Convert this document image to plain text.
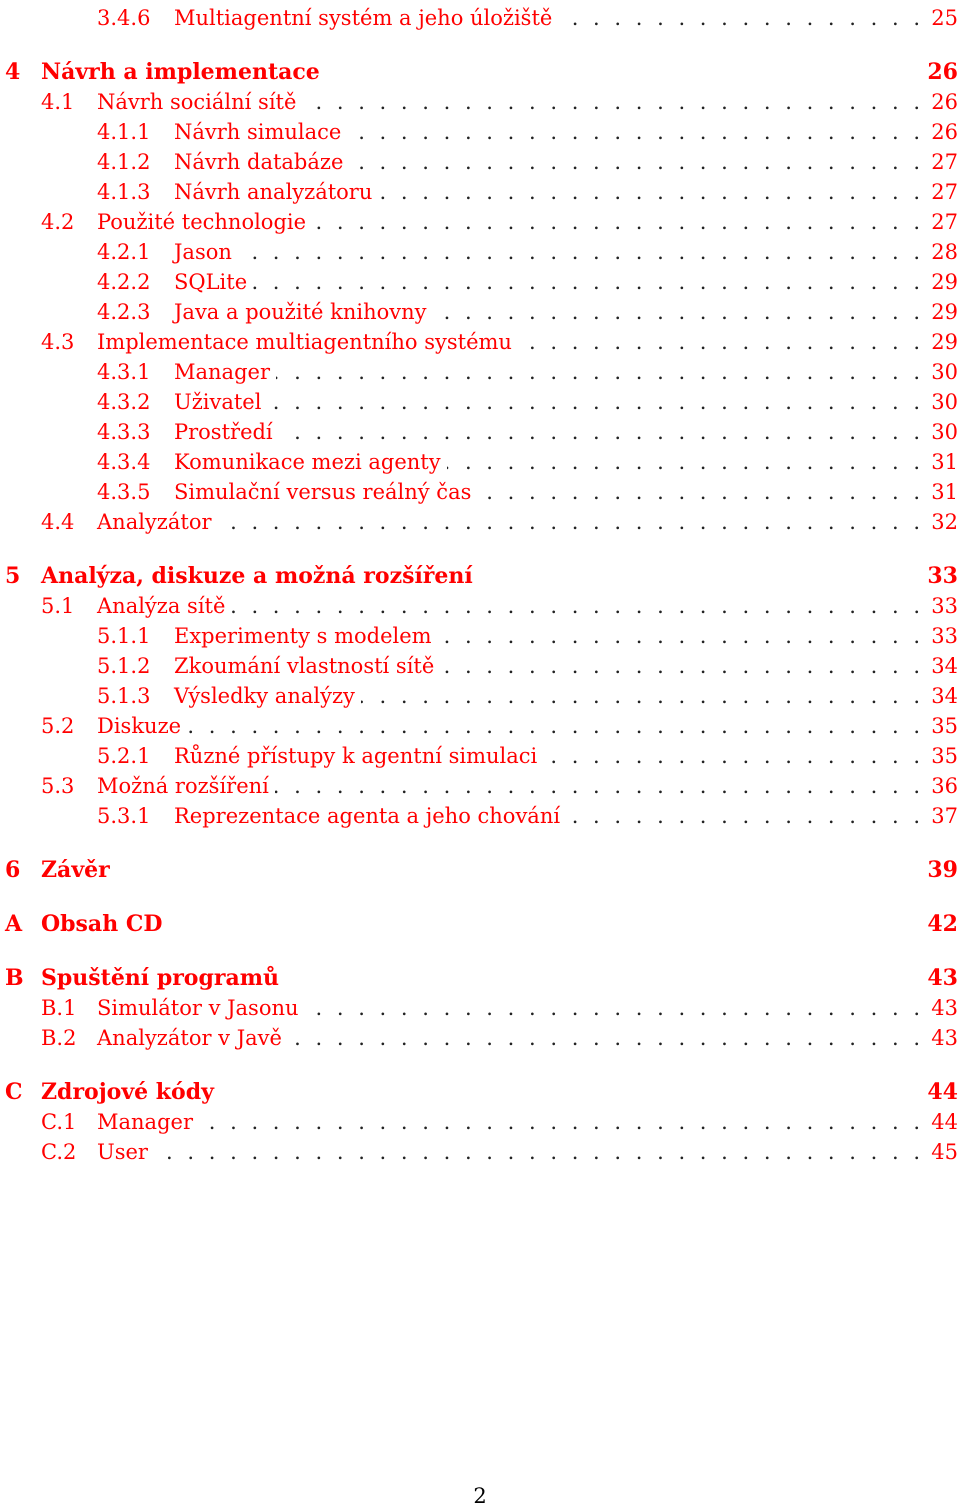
. . .
3.4.6 Multiagentní systém a jeho úložiště	25
4 Návrh a implementace	26
. . .
4.1 Návrh sociální sítě	26
. . .
4.1.1 Návrh simulace	26
. . .
4.1.2 Návrh databáze	27
. . .
4.1.3 Návrh analyzátoru	27
. . .
4.2 Použité technologie	27
. . .
4.2.1 Jason	28
. . .
4.2.2 SQLite	29
. . .
4.2.3 Java a použité knihovny	29
. . .
4.3 Implementace multiagentního systému	29
. . .
4.3.1 Manager	30
. . .
4.3.2 Uživatel	30
. . .
4.3.3 Prostředí	30
. . .
4.3.4 Komunikace mezi agenty	31
. . .
4.3.5 Simulační versus reálný čas	31
. . .
4.4 Analyzátor	32
5 Analýza, diskuze a možná rozšíření	33
. . .
5.1 Analýza sítě	33
. . .
5.1.1 Experimenty s modelem	33
. . .
5.1.2 Zkoumání vlastností sítě	34
. . .
5.1.3 Výsledky analýzy	34
. . .
5.2 Diskuze	35
. . .
5.2.1 Různé přístupy k agentní simulaci	35
. . .
5.3 Možná rozšíření	36
. . .
5.3.1 Reprezentace agenta a jeho chování	37
6 Závěr	39
A Obsah CD	42
B Spuštění programů	43
. . .
B.1 Simulátor v Jasonu	43
. . .
B.2 Analyzátor v Javě	43
C Zdrojové kódy	44
. . .
C.1 Manager	44
. . .
C.2 User	45
2
